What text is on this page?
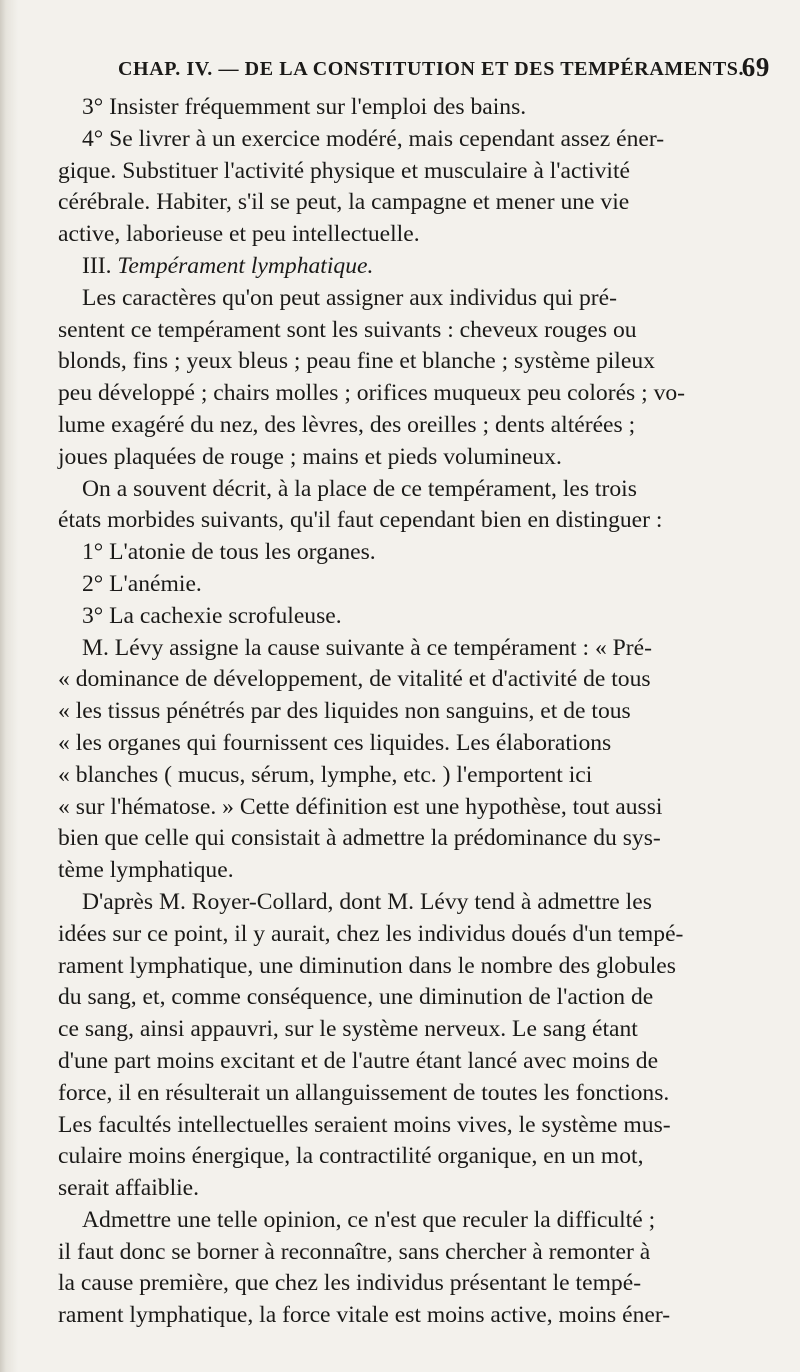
CHAP. IV. — DE LA CONSTITUTION ET DES TEMPÉRAMENTS.
69

3° Insister fréquemment sur l'emploi des bains.

4° Se livrer à un exercice modéré, mais cependant assez éner-

gique. Substituer l'activité physique et musculaire à l'activité

cérébrale. Habiter, s'il se peut, la campagne et mener une vie

active, laborieuse et peu intellectuelle.

III. Tempérament lymphatique.

Les caractères qu'on peut assigner aux individus qui pré-

sentent ce tempérament sont les suivants : cheveux rouges ou

blonds, fins ; yeux bleus ; peau fine et blanche ; système pileux

peu développé ; chairs molles ; orifices muqueux peu colorés ; vo-

lume exagéré du nez, des lèvres, des oreilles ; dents altérées ;

joues plaquées de rouge ; mains et pieds volumineux.

On a souvent décrit, à la place de ce tempérament, les trois

états morbides suivants, qu'il faut cependant bien en distinguer :

1° L'atonie de tous les organes.

2° L'anémie.

3° La cachexie scrofuleuse.

M. Lévy assigne la cause suivante à ce tempérament : « Pré-

« dominance de développement, de vitalité et d'activité de tous

« les tissus pénétrés par des liquides non sanguins, et de tous

« les organes qui fournissent ces liquides. Les élaborations

« blanches ( mucus, sérum, lymphe, etc. ) l'emportent ici

« sur l'hématose. » Cette définition est une hypothèse, tout aussi

bien que celle qui consistait à admettre la prédominance du sys-

tème lymphatique.

D'après M. Royer-Collard, dont M. Lévy tend à admettre les

idées sur ce point, il y aurait, chez les individus doués d'un tempé-

rament lymphatique, une diminution dans le nombre des globules

du sang, et, comme conséquence, une diminution de l'action de

ce sang, ainsi appauvri, sur le système nerveux. Le sang étant

d'une part moins excitant et de l'autre étant lancé avec moins de

force, il en résulterait un allanguissement de toutes les fonctions.

Les facultés intellectuelles seraient moins vives, le système mus-

culaire moins énergique, la contractilité organique, en un mot,

serait affaiblie.

Admettre une telle opinion, ce n'est que reculer la difficulté ;

il faut donc se borner à reconnaître, sans chercher à remonter à

la cause première, que chez les individus présentant le tempé-

rament lymphatique, la force vitale est moins active, moins éner-
